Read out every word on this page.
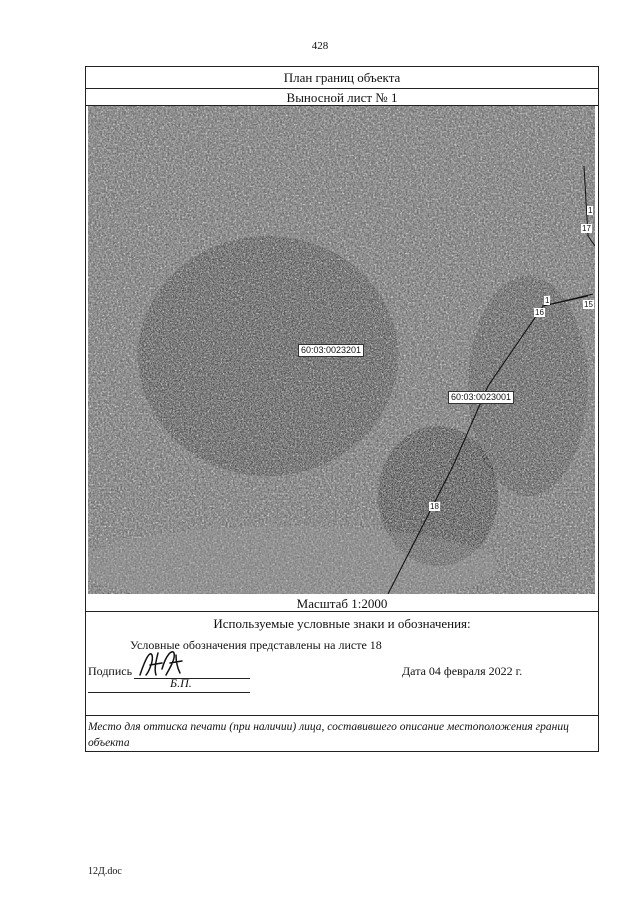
428
План границ объекта
Выносной лист № 1
Масштаб 1:2000
Используемые условные знаки и обозначения:
Условные обозначения представлены на листе 18
Подпись	Дата 04 февраля 2022 г.
Б.П.
Место для оттиска печати (при наличии) лица, составившего описание местоположения границ объекта
60:03:0023201
60:03:0023001
16
1	15
17
1
18
12Д.doc
